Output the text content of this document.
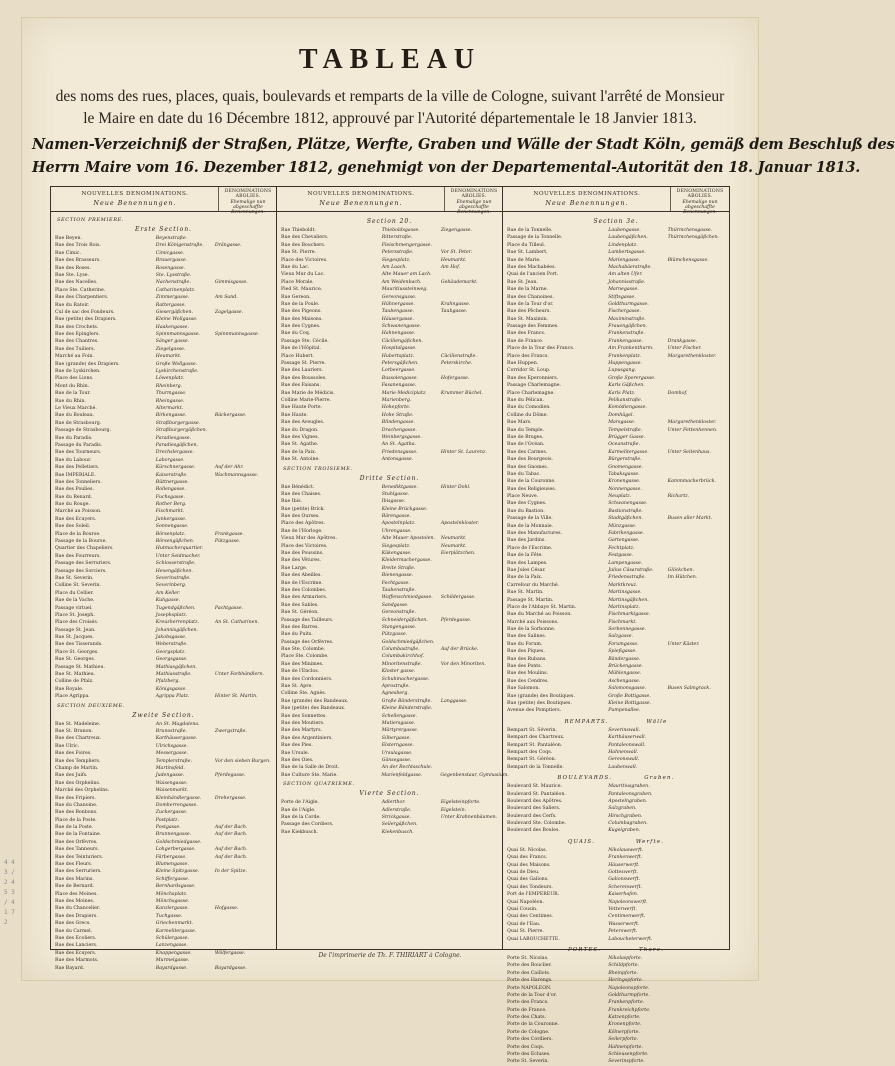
TABLEAU
des noms des rues, places, quais, boulevards et remparts de la ville de Cologne, suivant l'arrêté de Monsieur
le Maire en date du 16 Décembre 1812, approuvé par l'Autorité départementale le 18 Janvier 1813.
Namen-Verzeichniß der Straßen, Plätze, Werfte, Graben und Wälle der Stadt Köln, gemäß dem Beschluß des
Herrn Maire vom 16. Dezember 1812, genehmigt von der Departemental-Autorität den 18. Januar 1813.
NOUVELLES DENOMINATIONS.
Neue Benennungen.
DENOMINATIONS ABOLIES.
Ehemalige nun abgeschaffte
Benennungen.
NOUVELLES DENOMINATIONS.
Neue Benennungen.
DENOMINATIONS ABOLIES.
Ehemalige nun abgeschaffte
Benennungen.
NOUVELLES DENOMINATIONS.
Neue Benennungen.
DENOMINATIONS ABOLIES.
Ehemalige nun abgeschaffte
Benennungen.
SECTION PREMIERE.
Erste Section.
Rue Beyen.	Beyenstraße.
Rue des Trois Rois.	Drei Königenstraße.	Drängasse.
Rue Cimic.	Cimicgasse.
Rue des Brasseurs.	Brauergasse.
Rue des Roses.	Rosengasse.
Rue Ste. Lyse.	Ste. Lysstraße.
Rue des Nacelles.	Nachenstraße.	Gimmisgasse.
Place Ste. Catherine.	Catharinenplatz.
Rue des Charpentiers.	Zimmergasse.	Am Sand.
Rue du Ratoir.	Rattergasse.
Cul de sac des Fondeurs.	Giesergäßchen.	Zagelgasse.
Rue (petite) des Drapiers.	Kleine Wollgasse.
Rue des Crochets.	Haakengasse.
Rue des Epinglers.	Spinnmannsgasse.	Spinnmannsgasse.
Rue des Chantres.	Sänger gasse.
Rue des Tuiliers.	Ziegelgasse.
Marché au Foin.	Heumarkt.
Rue (grande) des Drapiers.	Große Wollgasse.
Rue de Lyskirchen.	Lyskirchenstraße.
Place des Lions.	Löwenplatz.
Mont du Rhin.	Rheinberg.
Rue de la Tour.	Thurmgasse.
Rue du Rhin.	Rheingasse.
Le Vieux Marché.	Altermarkt.
Rue du Bouleau.	Birkengasse.	Bäckergasse.
Rue de Strasbourg.	Straßburgergasse.
Passage de Strasbourg.	Straßburgergäßchen.
Rue du Paradis.	Paradiesgasse.
Passage du Paradis.	Paradiesgäßchen.
Rue des Tourneurs.	Drechslergasse.
Rue du Labour.	Laborgasse.
Rue des Pelletiers.	Kürschnergasse.	Auf der Ahr.
Rue IMPERIALE.	Kaiserstraße.	Wachmannsgasse.
Rue des Tonneliers.	Büttnergasse.
Rue des Poulies.	Rollengasse.
Rue du Renard.	Fuchsgasse.
Rue du Rouge.	Rother Berg.
Marché au Poisson.	Fischmarkt.
Rue des Ecuyers.	Junkergasse.
Rue des Soleil.	Sonnengasse.
Place de la Bourse.	Börsenplatz.	Frankgasse.
Passage de la Bourse.	Börsengäßchen.	Pützgasse.
Quartier des Chapeliers.	Hutmacherquartier.
Rue des Fourreurs.	Unter Seidmacher.
Passage des Serruriers.	Schlosserstraße.
Passage des Sorciers.	Hexengäßchen.
Rue St. Severin.	Severinstraße.
Colline St. Severin.	Severinberg.
Place du Cellier.	Am Keller.
Rue de la Vache.	Kuhgasse.
Passage virtuel.	Tugendgäßchen.	Pachtgasse.
Place St. Joseph.	Josephsplatz.
Place des Croisés.	Kreuzherrenplatz.	An St. Catharinen.
Passage St. Jean.	Johannisgäßchen.
Rue St. Jacques.	Jakobsgasse.
Rue des Tisserands.	Weberstraße.
Place St. Georges.	Georgsplatz.
Rue St. Georges.	Georgsgasse.
Passage St. Mathieu.	Mathiasgäßchen.
Rue St. Mathieu.	Mathiasstraße.	Unter Farbhändlern.
Colline de Pfalz.	Pfalzberg.
Rue Royale.	Königsgasse.
Place Agrippa.	Agrippa Platz.	Hinter St. Martin.
SECTION DEUXIEME.
Zweite Section.
Rue St. Madeleine.	An St. Magdalena.
Rue St. Brunon.	Brunostraße.	Zwergstraße.
Rue des Chartreux.	Karthäusergasse.
Rue Ulric.	Ulrichsgasse.
Rue des Foires.	Messergasse.
Rue des Templiers.	Templerstraße.	Vor den sieben Burgen.
Champ de Martin.	Martinsfeld.
Rue des Juifs.	Judengasse.	Pferdegasse.
Rue des Orphelins.	Waisengasse.
Marché des Orphelins.	Waisenmarkt.
Rue des Fripiers.	Kleinhändlergasse.	Drehergasse.
Rue du Chanoine.	Domherrengasse.
Rue des Bonbons.	Zuckergasse.
Place de la Poste.	Postplatz.
Rue de la Poste.	Postgasse.	Auf der Bach.
Rue de la Fontaine.	Brunnengasse.	Auf der Bach.
Rue des Orfèvres.	Goldschmiedgasse.
Rue des Tanneurs.	Lohgerbergasse.	Auf der Bach.
Rue des Teinturiers.	Färbergasse.	Auf der Bach.
Rue des Fleurs.	Blumengasse.
Rue des Serruriers.	Kleine Spitzgasse.	In der Spitze.
Rue des Marins.	Schiffergasse.
Rue de Bernard.	Bernhardsgasse.
Place des Moines.	Mönchsplatz.
Rue des Moines.	Mönchsgasse.
Rue du Chancelier.	Kanzlergasse.	Hofgasse.
Rue des Drapiers.	Tuchgasse.
Rue des Grecs.	Griechenmarkt.
Rue du Carmel.	Karmelitergasse.
Rue des Ecoliers.	Schülergasse.
Rue des Lanciers.	Lanzengasse.
Rue des Ecuyers.	Knappengasse.	Wölfergasse.
Rue des Marmots.	Murmelgasse.
Rue Bayard.	Bayardgasse.	Bayardgasse.
Section 20.
Rue Thieboldt.	Thieboldsgasse.	Ziegengasse.
Rue des Chevaliers.	Ritterstraße.
Rue des Bouchers.	Fleischmengergasse.
Rue St. Pierre.	Petersstraße.	Vor St. Peter.
Place des Victoires.	Siegesplatz.	Heumarkt.
Rue du Lac.	Am Laach.	Am Hof.
Vieux Mur du Lac.	Alte Mauer am Lach.
Place Morale.	Am Weidenbach.	Gebäudemarkt.
Pied St. Maurice.	Mauritiussteinweg.
Rue Gereon.	Gereonsgasse.
Rue de la Poule.	Hühnergasse.	Krahngasse.
Rue des Pigeons.	Taubengasse.	Taubgasse.
Rue des Maisons.	Häusergasse.
Rue des Cygnes.	Schwanengasse.
Rue du Coq.	Hahnengasse.
Passage Ste. Cécile.	Cäciliengäßchen.
Rue de l'Hôpital.	Hospitalgasse.
Place Hubert.	Hubertsplatz.	Cäcilienstraße.
Passage St. Pierre.	Petersgäßchen.	Peterskirche.
Rue des Lauriers.	Lorbeergasse.
Rue des Boussoles.	Bussolengasse.	Hofergasse.
Rue des Faisans.	Fasanengasse.
Rue Marie de Médicis.	Marie-Mediciplatz.	Krummer Büchel.
Colline Marie-Pierre.	Marienberg.
Rue Haute Porte.	Hohepforte.
Rue Haute.	Hohe Straße.
Rue des Aveugles.	Blindengasse.
Rue du Dragon.	Drachengasse.
Rue des Vignes.	Weinbergsgasse.
Rue St. Agathe.	An St. Agatha.
Rue de la Paix.	Friedensgasse.	Hinter St. Laurenz.
Rue St. Antoine.	Antonsgasse.
SECTION TROISIEME.
Dritte Section.
Rue Bénédict.	Benediktgasse.	Hinter Dohl.
Rue des Chaises.	Stuhlgasse.
Rue Ibis.	Ibisgasse.
Rue (petite) Brick.	Kleine Brückgasse.
Rue des Ourses.	Bärengasse.
Place des Apôtres.	Apostelnplatz.	Apostelnkloster.
Rue de l'Horloge.	Uhrengasse.
Vieux Mur des Apôtres.	Alte Mauer Apostolen.	Neumarkt.
Place des Victoires.	Siegesplatz.	Neumarkt.
Rue des Poussins.	Kükengasse.	Eierplätzchen.
Rue des Vêtures.	Kleidermachergasse.
Rue Large.	Breite Straße.
Rue des Abeilles.	Bienengasse.
Rue de l'Escrime.	Fechtgasse.
Rue des Colombes.	Taubenstraße.
Rue des Armuriers.	Waffenschmiedgasse.	Schildergasse.
Rue des Sables.	Sandgasse.
Rue St. Géréon.	Gereonstraße.
Passage des Tailleurs.	Schneidergäßchen.	Pferdegasse.
Rue des Barres.	Stangengasse.
Rue du Puits.	Pützgasse.
Passage des Orfèvres.	Goldschmiedgäßchen.
Rue Ste. Colombe.	Columbastraße.	Auf der Brücke.
Place Ste. Colombe.	Columbakirchhof.
Rue des Minimes.	Minoritenstraße.	Vor den Minoriten.
Rue de l'Enclos.	Kloster gasse.
Rue des Cordonniers.	Schuhmachergasse.
Rue St. Apre.	Aprostraße.
Colline Ste. Agnès.	Agnesberg.
Rue (grande) des Bandeaux.	Große Bänderstraße.	Langgasse.
Rue (petite) des Bandeaux.	Kleine Bänderstraße.
Rue des Sonnettes.	Schellengasse.
Rue des Moutiers.	Mutiersgasse.
Rue des Martyrs.	Märtyrergasse.
Rue des Argentiniers.	Silbergasse.
Rue des Pies.	Elsterngasse.
Rue Ursule.	Ursulagasse.
Rue des Oies.	Gänsegasse.
Rue de la Salle de Droit.	An der Rechtsschule.
Rue Culture Ste. Marie.	Marienfeldgasse.	Gegenbenstaur, Gymnasium.
SECTION QUATRIEME.
Vierte Section.
Porte de l'Aigle.	Adlerthor.	Eigelsteinpforte.
Rue de l'Aigle.	Adlerstraße.	Eigelstein.
Rue de la Corde.	Strickgasse.	Unter Krahnenbäumen.
Passage des Cordiers.	Seilergäßchen.
Rue Kiekbusch.	Kiekenbusch.
Section 3e.
Rue de la Tonnelle.	Laubengasse.	Thürmchensgasse.
Passage de la Tonnelle.	Laubengäßchen.	Thürmchensgäßchen.
Place du Tilleul.	Lindenplatz.
Rue St. Lambert.	Lambertsgasse.
Rue de Marie.	Mariengasse.	Blümchensgasse.
Rue des Machabées.	Machabäerstraße.
Quai de l'ancien Port.	Am alten Ufer.
Rue St. Jean.	Johannisstraße.
Rue de la Marne.	Marnegasse.
Rue des Chanoines.	Stiftsgasse.
Rue de la Tour d'or.	Goldthurmgasse.
Rue des Pêcheurs.	Fischergasse.
Rue St. Maximin.	Maximinstraße.
Passage des Femmes.	Frauengäßchen.
Rue des Francs.	Frankenstraße.
Rue de France.	Frankengasse.	Drankgasse.
Place de la Tour des Francs.	Am Frankenthurm.	Unter Fischer.
Place des Francs.	Frankenplatz.	Margarethenkloster.
Rue Huppen.	Huppengasse.
Corridor St. Loup.	Lupusgang.
Rue des Eperonniers.	Große Sporergasse.
Passage Charlemagne.	Karls Gäßchen.
Place Charlemagne.	Karls Platz.	Domhof.
Rue du Pélican.	Pelikanstraße.
Rue du Comodien.	Komödiengasse.
Colline du Dôme.	Domhügel.
Rue Mars.	Marsgasse.	Margarethenkloster.
Rue du Temple.	Tempelstraße.	Unter Fettenhennen.
Rue de Bruges.	Brügger Gasse.
Rue de l'Océan.	Oceanstraße.
Rue des Carmes.	Karmelitergasse.	Unter Seitenhaus.
Rue des Bourgeois.	Bürgerstraße.
Rue des Gnomes.	Gnomengasse.
Rue du Tabac.	Tabaksgasse.
Rue de la Couronne.	Kronengasse.	Kammmacherbrück.
Rue des Religieuses.	Nonnengasse.
Place Neuve.	Neuplatz.	Richartz.
Rue des Cygnes.	Schwanengasse.
Rue du Bastion.	Bastionstraße.
Passage de la Ville.	Stadtgäßchen.	Busen aller Markt.
Rue de la Monnaie.	Münzgasse.
Rue des Manufactures.	Fabrikengasse.
Rue des Jardins.	Gartengasse.
Place de l'Escrime.	Fechtplatz.
Rue de la Fête.	Festgasse.
Rue des Lampes.	Lampengasse.
Rue Jules César.	Julius Cäsarstraße.	Glöckchen.
Rue de la Paix.	Friedensstraße.	Im Hütchen.
Carrefour du Marché.	Marktkreuz.
Rue St. Martin.	Martinsgasse.
Passage St. Martin.	Martinsgäßchen.
Place de l'Abbaye St. Martin.	Martinsplatz.
Rue du Marché au Poisson.	Fischmarktgasse.
Marché aux Poissons.	Fischmarkt.
Rue de la Sorbonne.	Sorbonnegasse.
Rue des Salines.	Salzgasse.
Rue du Forum.	Forumgasse.	Unter Käster.
Rue des Piques.	Spießgasse.
Rue des Rubans.	Bändergasse.
Rue des Ponts.	Brückengasse.
Rue des Moulins.	Mühlengasse.
Rue des Cendres.	Aschengasse.
Rue Salomon.	Salomonsgasse.	Busen Salmgrack.
Rue (grande) des Boutiques.	Große Bottigasse.
Rue (petite) des Boutiques.	Kleine Bottigasse.
Avenue des Pomptiers.	Pumpenallee.
REMPARTS.	Wälle
Rempart St. Séverin.	Severinswall.
Rempart des Chartreux.	Karthäuserwall.
Rempart St. Pantaléon.	Pantaleonswall.
Rempart des Coqs.	Hahnenwall.
Rempart St. Géréon.	Gereonswall.
Rempart de la Tonnelle.	Laubenwall.
BOULEVARDS.	Graben.
Boulevard St. Maurice.	Mauritiusgraben.
Boulevard St. Pantaléon.	Pantaleonsgraben.
Boulevard des Apôtres.	Apostelngraben.
Boulevard des Saliers.	Salzgraben.
Boulevard des Cerfs.	Hirschgraben.
Boulevard Ste. Colombe.	Columbagraben.
Boulevard des Boules.	Kugelgraben.
QUAIS.	Werfte.
Quai St. Nicolas.	Nikolauswerft.
Quai des Francs.	Frankenwerft.
Quai des Maisons.	Häuserwerft.
Quai de Dieu.	Gotteswerft.
Quai des Galions.	Galionswerft.
Quai des Tondeurs.	Scherenwerft.
Port de l'EMPEREUR.	Kaiserhafen.
Quai Napoléon.	Napoleonswerft.
Quai Cousin.	Vetterwerft.
Quai des Centimes.	Centimenwerft.
Quai de l'Eau.	Wasserwerft.
Quai St. Pierre.	Peterswerft.
Quai LABOUCHETTE.	Laboucheterwerft.
PORTES.	Thore.
Porte St. Nicolas.	Nikolaspforte.
Porte des Bouclier.	Schildpforte.
Porte des Caillots.	Rheinpforte.
Porte des Harengs.	Heringspforte.
Porte NAPOLEON.	Napoleonspforte.
Porte de la Tour d'or.	Goldthurmpforte.
Porte des Francs.	Frankenpforte.
Porte de France.	Frankreichpforte.
Porte des Chats.	Katzenpforte.
Porte de la Couronne.	Kronenpforte.
Porte de Cologne.	Kölnerpforte.
Porte des Cordiers.	Seilerpforte.
Porte des Coqs.	Hahnenpforte.
Porte des Ecluses.	Schleusenpforte.
Porte St. Severin.	Severinspforte.
De l'imprimerie de Th. F. THIRIART à Cologne.
4 43 / 2 4 5 3 / 4 1 7 2
